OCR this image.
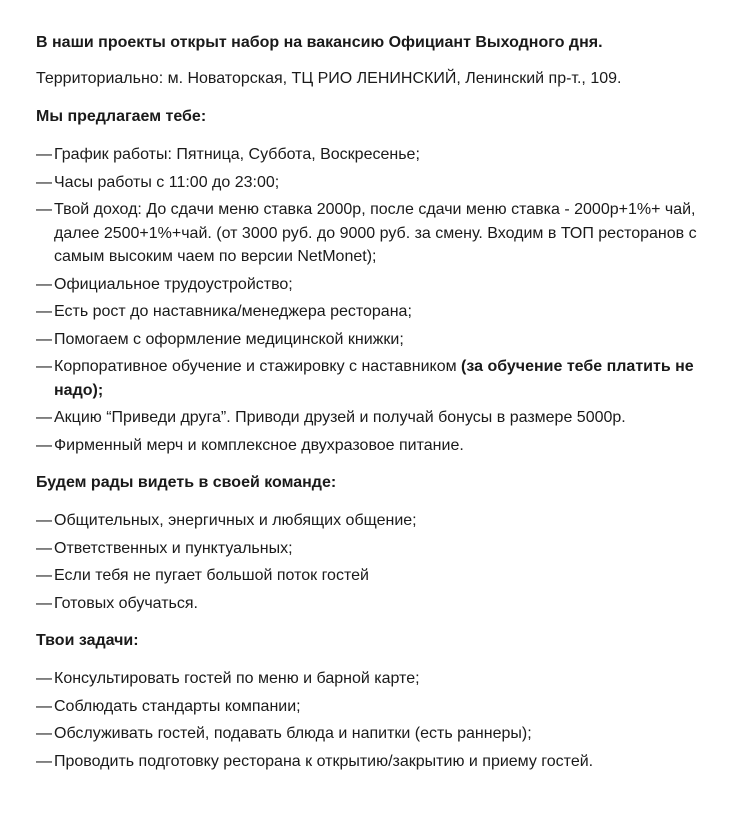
В наши проекты открыт набор на вакансию Официант Выходного дня.

Территориально: м. Новаторская, ТЦ РИО ЛЕНИНСКИЙ, Ленинский пр-т., 109.

Мы предлагаем тебе:

— График работы: Пятница, Суббота, Воскресенье;
— Часы работы с 11:00 до 23:00;
— Твой доход: До сдачи меню ставка 2000р, после сдачи меню ставка - 2000р+1%+ чай, далее 2500+1%+чай. (от 3000 руб. до 9000 руб. за смену. Входим в ТОП ресторанов с самым высоким чаем по версии NetMonet);
— Официальное трудоустройство;
— Есть рост до наставника/менеджера ресторана;
— Помогаем с оформление медицинской книжки;
— Корпоративное обучение и стажировку с наставником (за обучение тебе платить не надо);
— Акцию “Приведи друга”. Приводи друзей и получай бонусы в размере 5000р.
— Фирменный мерч и комплексное двухразовое питание.

Будем рады видеть в своей команде:

— Общительных, энергичных и любящих общение;
— Ответственных и пунктуальных;
— Если тебя не пугает большой поток гостей
— Готовых обучаться.

Твои задачи:

— Консультировать гостей по меню и барной карте;
— Соблюдать стандарты компании;
— Обслуживать гостей, подавать блюда и напитки (есть раннеры);
— Проводить подготовку ресторана к открытию/закрытию и приему гостей.
